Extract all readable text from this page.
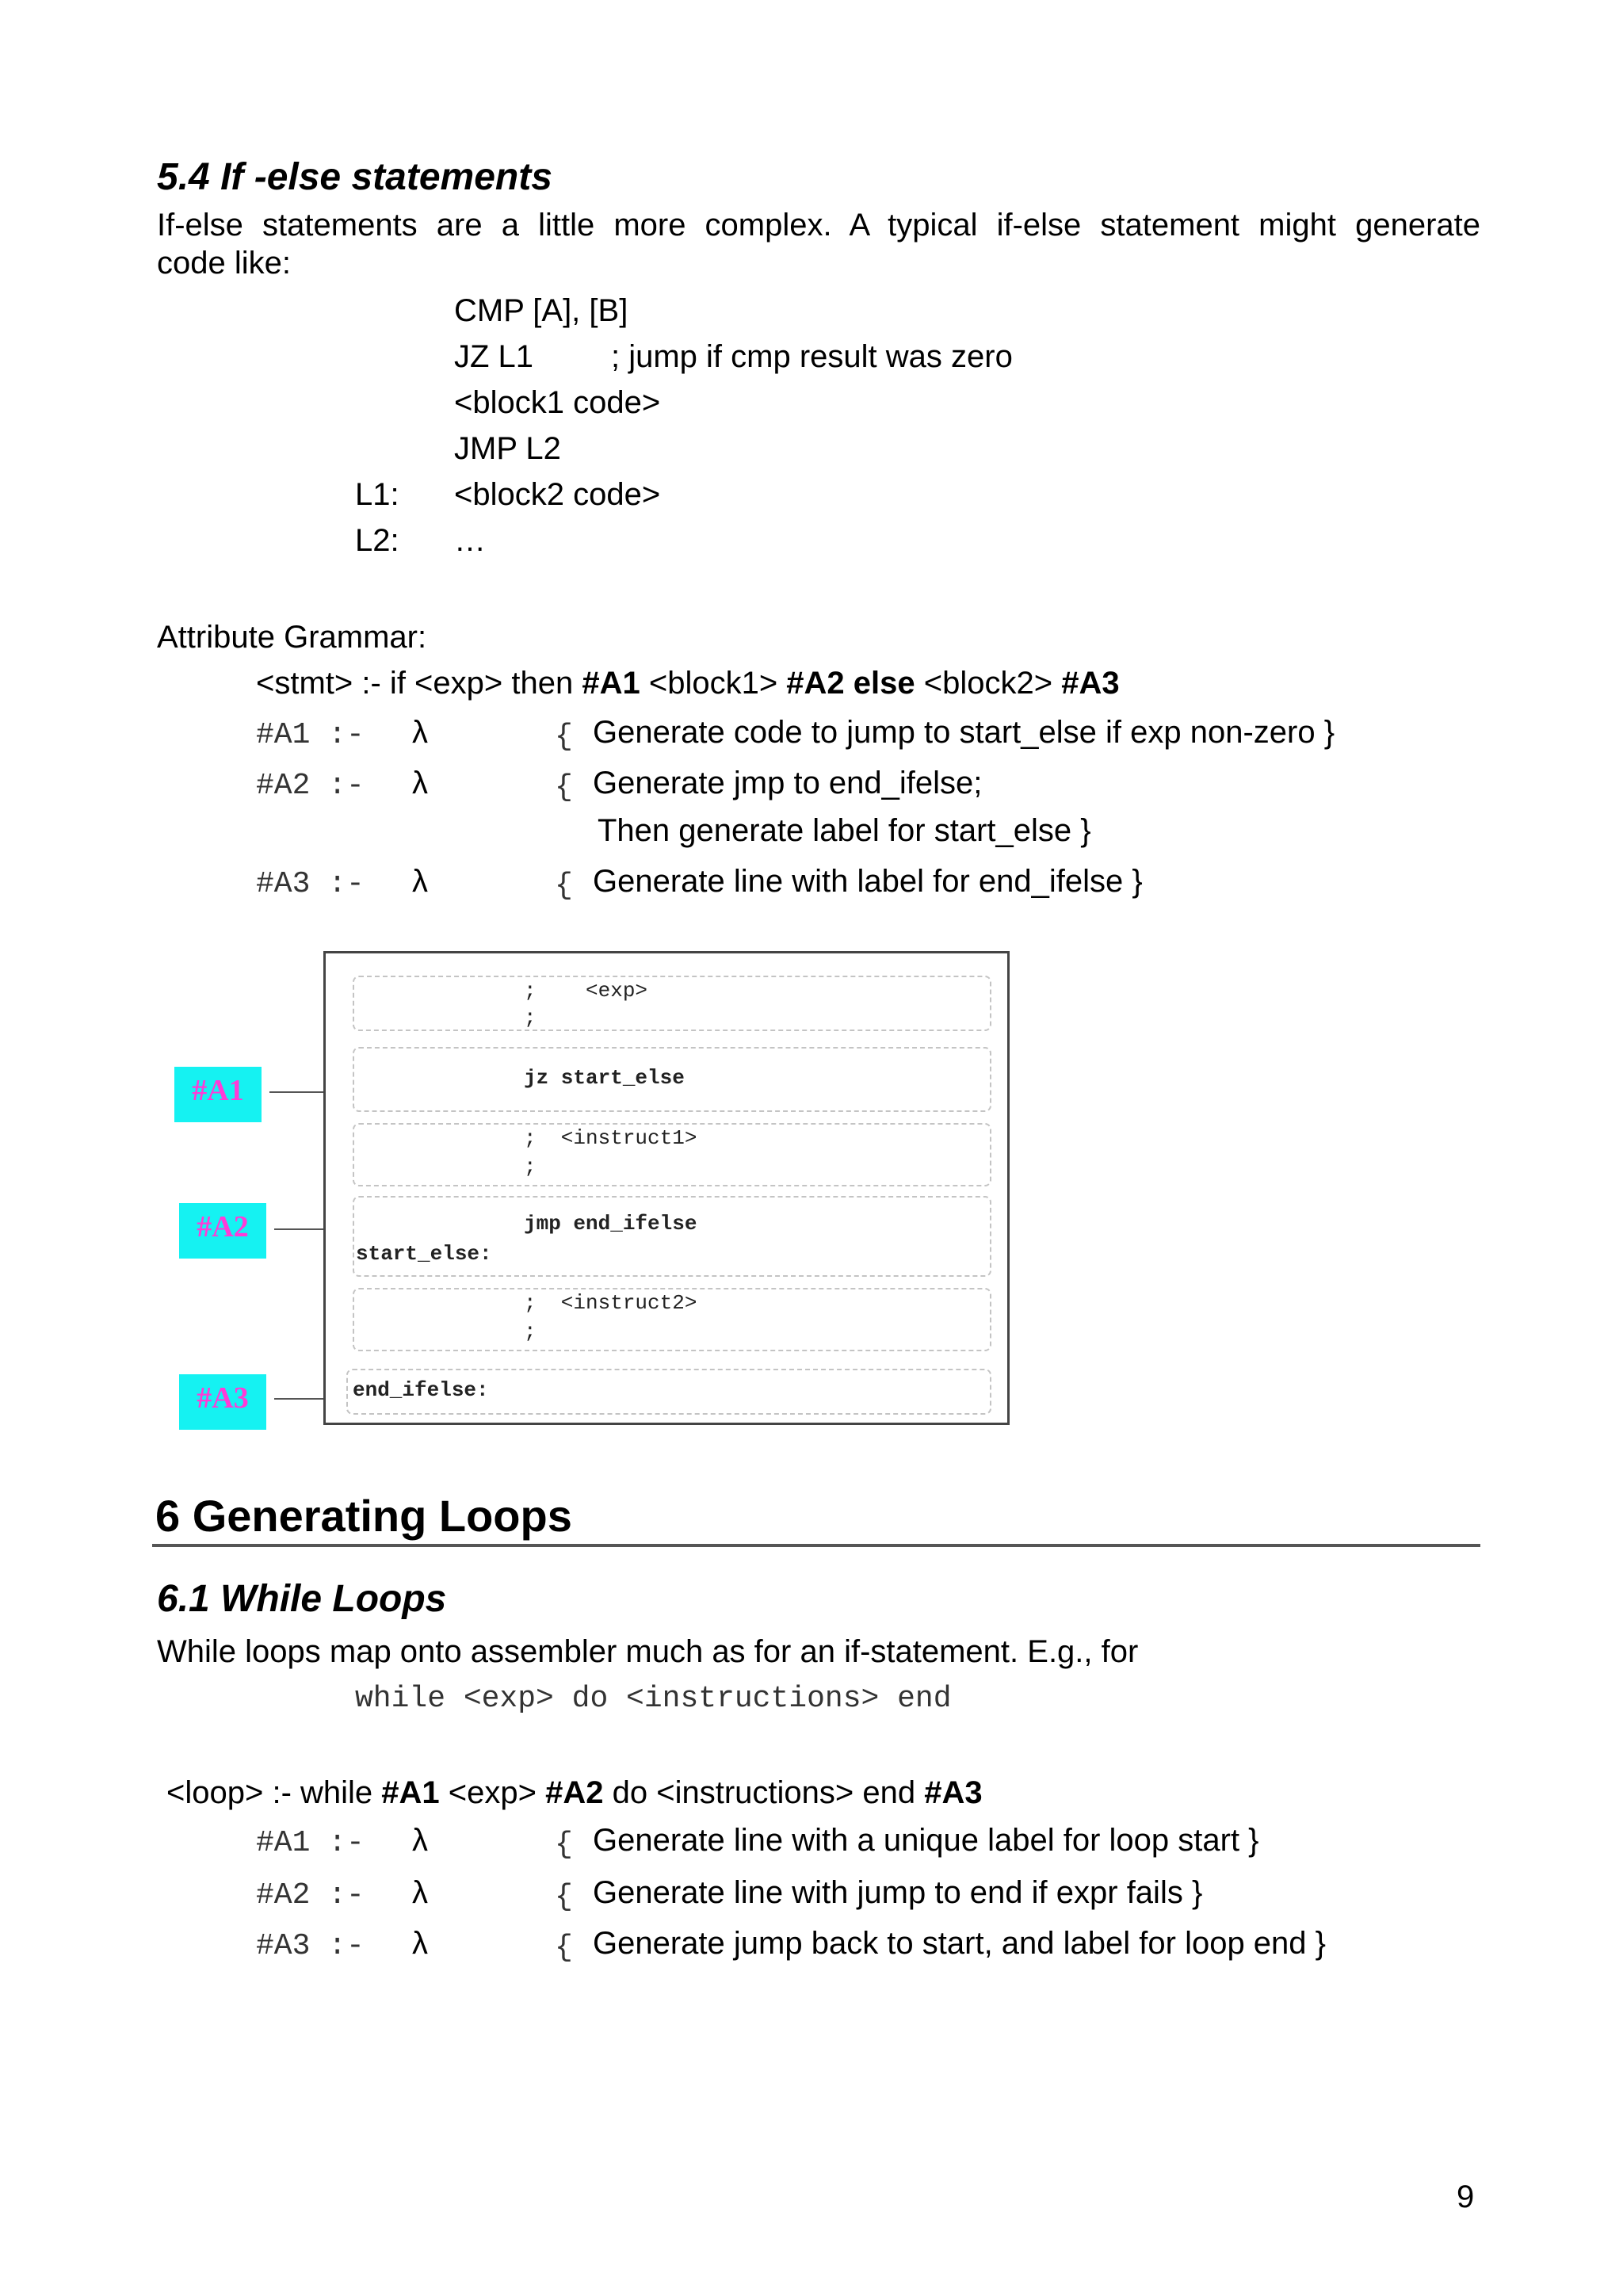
5.4 If -else statements
If-else statements are a little more complex. A typical if-else statement might generate
code like:
CMP [A], [B]
JZ L1 ; jump if cmp result was zero
<block1 code>
JMP L2
L1: <block2 code>
L2: …
Attribute Grammar:
<stmt> :- if <exp> then #A1 <block1> #A2 else <block2> #A3
#A1 :- λ	{ Generate code to jump to start_else if exp non-zero }
#A2 :- λ	{ Generate jmp to end_ifelse;
Then generate label for start_else }
#A3 :- λ	{ Generate line with label for end_ifelse }
#A1
#A2
#A3
;    <exp>
;
jz start_else
;  <instruct1>
;
jmp end_ifelse
start_else:
;  <instruct2>
;
end_ifelse:
6 Generating Loops
6.1 While Loops
While loops map onto assembler much as for an if-statement. E.g., for
while <exp> do <instructions> end
<loop> :- while #A1 <exp> #A2 do <instructions> end #A3
#A1 :- λ	{ Generate line with a unique label for loop start }
#A2 :- λ	{ Generate line with jump to end if expr fails }
#A3 :- λ	{ Generate jump back to start, and label for loop end }
9
